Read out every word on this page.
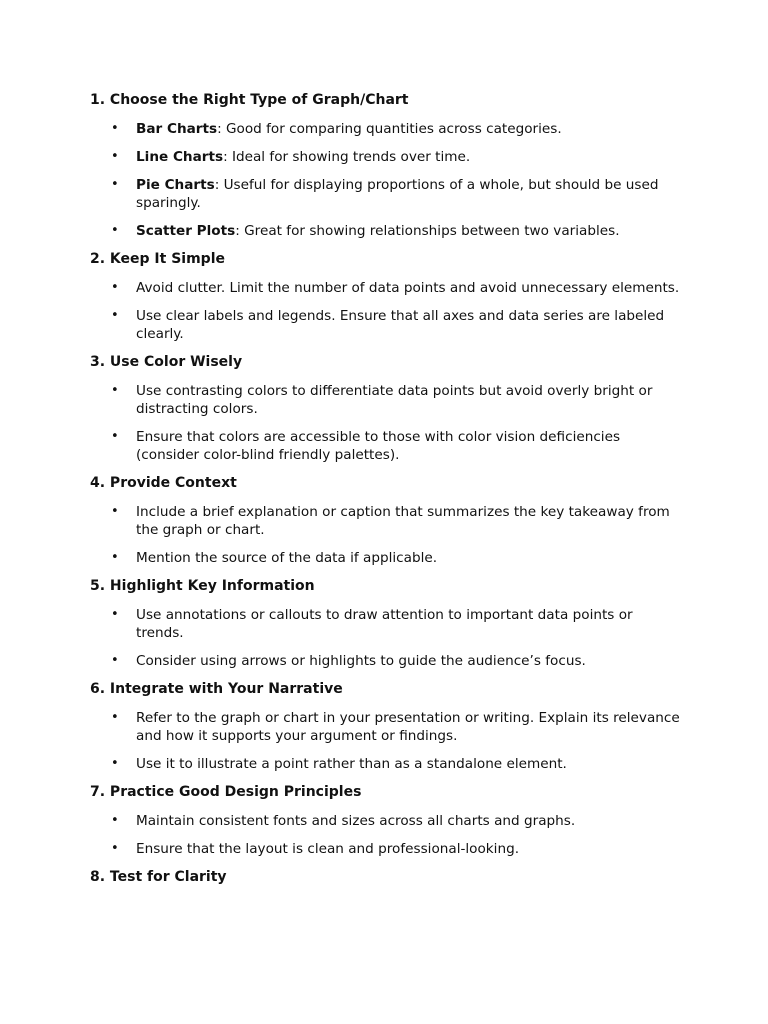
1. Choose the Right Type of Graph/Chart
• Bar Charts: Good for comparing quantities across categories.
• Line Charts: Ideal for showing trends over time.
• Pie Charts: Useful for displaying proportions of a whole, but should be used sparingly.
• Scatter Plots: Great for showing relationships between two variables.
2. Keep It Simple
• Avoid clutter. Limit the number of data points and avoid unnecessary elements.
• Use clear labels and legends. Ensure that all axes and data series are labeled clearly.
3. Use Color Wisely
• Use contrasting colors to differentiate data points but avoid overly bright or distracting colors.
• Ensure that colors are accessible to those with color vision deficiencies (consider color-blind friendly palettes).
4. Provide Context
• Include a brief explanation or caption that summarizes the key takeaway from the graph or chart.
• Mention the source of the data if applicable.
5. Highlight Key Information
• Use annotations or callouts to draw attention to important data points or trends.
• Consider using arrows or highlights to guide the audience’s focus.
6. Integrate with Your Narrative
• Refer to the graph or chart in your presentation or writing. Explain its relevance and how it supports your argument or findings.
• Use it to illustrate a point rather than as a standalone element.
7. Practice Good Design Principles
• Maintain consistent fonts and sizes across all charts and graphs.
• Ensure that the layout is clean and professional-looking.
8. Test for Clarity
